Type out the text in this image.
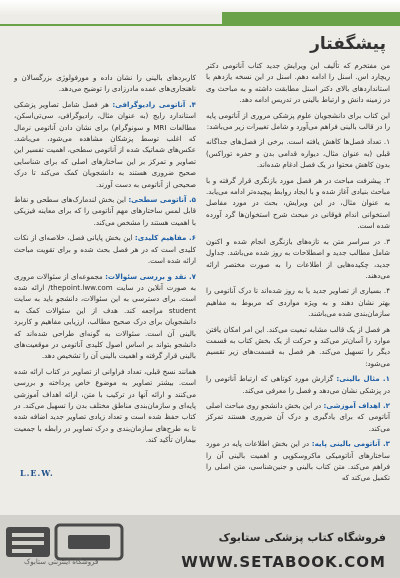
پیشگفتار

من مفتخرم که تألیف این ویرایش جدید کتاب آناتومی دکتر ریچارد اس. اسنل را ادامه دهم. اسنل در این نسخه یازدهم با استانداردهای بالای دکتر اسنل مطابقت داشته و به مباحث وی در زمینه دانش و ارتباط بالینی در تدریس ادامه دهد.

این کتاب برای دانشجویان علوم پزشکی مروری از آناتومی پایه را در قالب بالینی فراهم می‌آورد و شامل تغییرات زیر می‌باشد:

۱. تعداد فصل‌ها کاهش یافته است. برخی از فصل‌های جداگانه قبلی (به عنوان مثال، دیواره قدامی بدن و حفره توراکس) بدون کاهش محتوا در یک فصل ادغام شده‌اند.

۲. پیشرفت مباحث در هر فصل مورد بازنگری قرار گرفته و با مباحث بنیادی آغاز شده و با ایجاد روابط پیچیده‌تر ادامه می‌یابد. به عنوان مثال، در این ویرایش، بحث در مورد مفاصل استخوانی اندام فوقانی در مبحث شرح استخوان‌ها گرد آورده شده است.

۳. در سراسر متن به تازه‌های بازنگری انجام شده و اکنون شامل مطالب جدید و اصطلاحات به روز شده می‌باشد. جداول جدید، چکیده‌هایی از اطلاعات را به صورت مختصر ارائه می‌دهند.

۴. بسیاری از تصاویر جدید یا به روز شده‌اند تا درک آناتومی را بهتر نشان دهند و به ویژه مواردی که مربوط به مفاهیم سازمان‌بندی شده می‌باشند.

هر فصل از یک قالب مشابه تبعیت می‌کند. این امر امکان یافتن موارد را آسان‌تر می‌کند و حرکت از یک بخش کتاب به قسمت دیگر را تسهیل می‌کند. هر فصل به قسمت‌های زیر تقسیم می‌شود:

۱. مثال بالینی: گزارش مورد کوتاهی که ارتباط آناتومی را در پزشکی نشان می‌دهد و فصل را معرفی می‌کند.

۲. اهداف آموزشی: در این بخش دانشجو روی مباحث اصلی آناتومی که برای یادگیری و درک آن ضروری هستند تمرکز می‌کند.

۳. آناتومی بالینی پایه: در این بخش اطلاعات پایه در مورد ساختارهای آناتومیکی ماکروسکوپی و اهمیت بالینی آن را فراهم می‌کند. متن کتاب بالینی و جنین‌شناسی، متن اصلی را تکمیل می‌کند که

کاربردهای بالینی را نشان داده و مورفولوژی بزرگسالان و ناهنجاری‌های عمده مادرزادی را توضیح می‌دهد.

۴. آناتومی رادیوگرافی: هر فصل شامل تصاویر پزشکی استاندارد رایج (به عنوان مثال، رادیوگرافی، سی‌تی‌اسکن، مطالعات MRI و سونوگرام) برای نشان دادن آناتومی نرمال که اغلب توسط پزشکان مشاهده می‌شود، می‌باشد. عکس‌های شماتیک شده از آناتومی سطحی، اهمیت تفسیر این تصاویر و تمرکز بر این ساختارهای اصلی که برای شناسایی صحیح ضروری هستند به دانشجویان کمک می‌کند تا درک صحیحی از آناتومی به دست آورند.

۵. آناتومی سطحی: این بخش لندمارک‌های سطحی و نقاط قابل لمس ساختارهای مهم آناتومی را که برای معاینه فیزیکی با اهمیت هستند را مشخص می‌کند.

۶. مفاهیم کلیدی: این بخش پایانی فصل، خلاصه‌ای از نکات کلیدی است که در هر فصل بحث شده و برای تقویت مباحث ارائه شده است.

۷. نقد و بررسی سئوالات: مجموعه‌ای از سئوالات مروری به صورت آنلاین در سایت thepoint.lww.com/ ارائه شده است. برای دسترسی به این سئوالات، دانشجو باید به سایت student مراجعه کند. هدف از این سئوالات کمک به دانشجویان برای درک صحیح مطالب، ارزیابی مفاهیم و کاربرد بالینی آن است. سئوالات به گونه‌ای طراحی شده‌اند که دانشجو بتواند بر اساس اصول کلیدی آناتومی در موقعیت‌های بالینی قرار گرفته و اهمیت بالینی آن را تشخیص دهد.

همانند نسخ قبلی، تعداد فراوانی از تصاویر در کتاب ارائه شده است. بیشتر تصاویر به موضوع خاص پرداخته و بررسی می‌کنند و ارائه آنها در ترکیب با متن، ارائه اهداف آموزشی پایه‌ای و سازمان‌بندی مناطق مختلف بدن را تسهیل می‌کند. در کتاب حفظ شده است و تعداد زیادی تصاویر جدید اضافه شده تا به طرح‌های سازمان‌بندی و درک تصاویر در رابطه با جمعیت بیماران تأکید کند.

L.E.W.
فروشگاه اینترنتی ستابوک
فروشگاه کتاب پزشکی ستابوک
WWW.SETABOOK.COM
